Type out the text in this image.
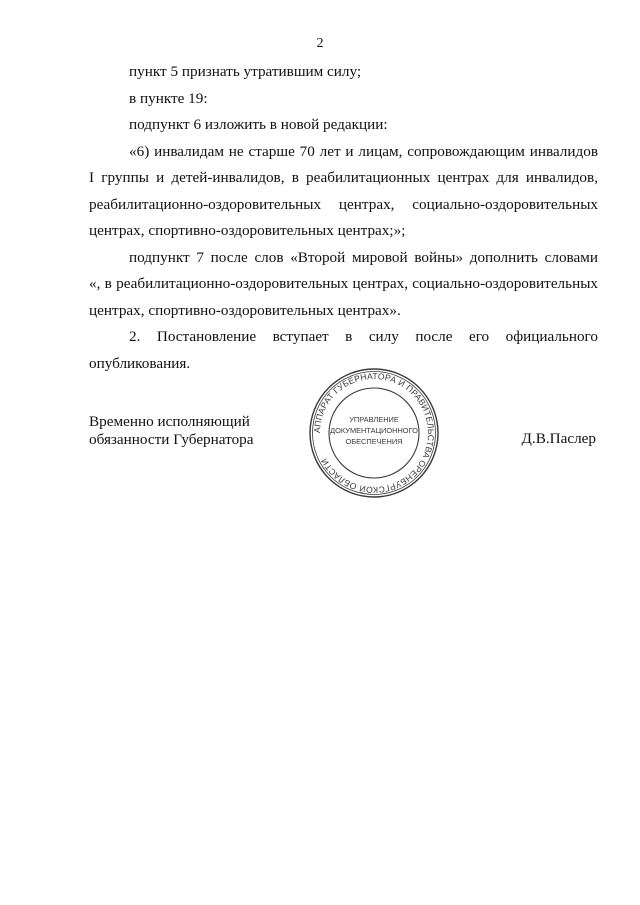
2

пункт 5 признать утратившим силу;

в пункте 19:

подпункт 6 изложить в новой редакции:

«6) инвалидам не старше 70 лет и лицам, сопровождающим инвалидов
I группы и детей-инвалидов, в реабилитационных центрах для инвалидов,
реабилитационно-оздоровительных центрах, социально-оздоровительных
центрах, спортивно-оздоровительных центрах;»;

подпункт 7 после слов «Второй мировой войны» дополнить словами
«, в реабилитационно-оздоровительных центрах, социально-оздоровительных
центрах, спортивно-оздоровительных центрах».

2. Постановление вступает в силу после его официального
опубликования.

Временно исполняющий
обязанности Губернатора
АППАРАТ ГУБЕРНАТОРА И ПРАВИТЕЛЬСТВА ОРЕНБУРГСКОЙ ОБЛАСТИ
УПРАВЛЕНИЕ
ДОКУМЕНТАЦИОННОГО
ОБЕСПЕЧЕНИЯ	Д.В.Паслер
